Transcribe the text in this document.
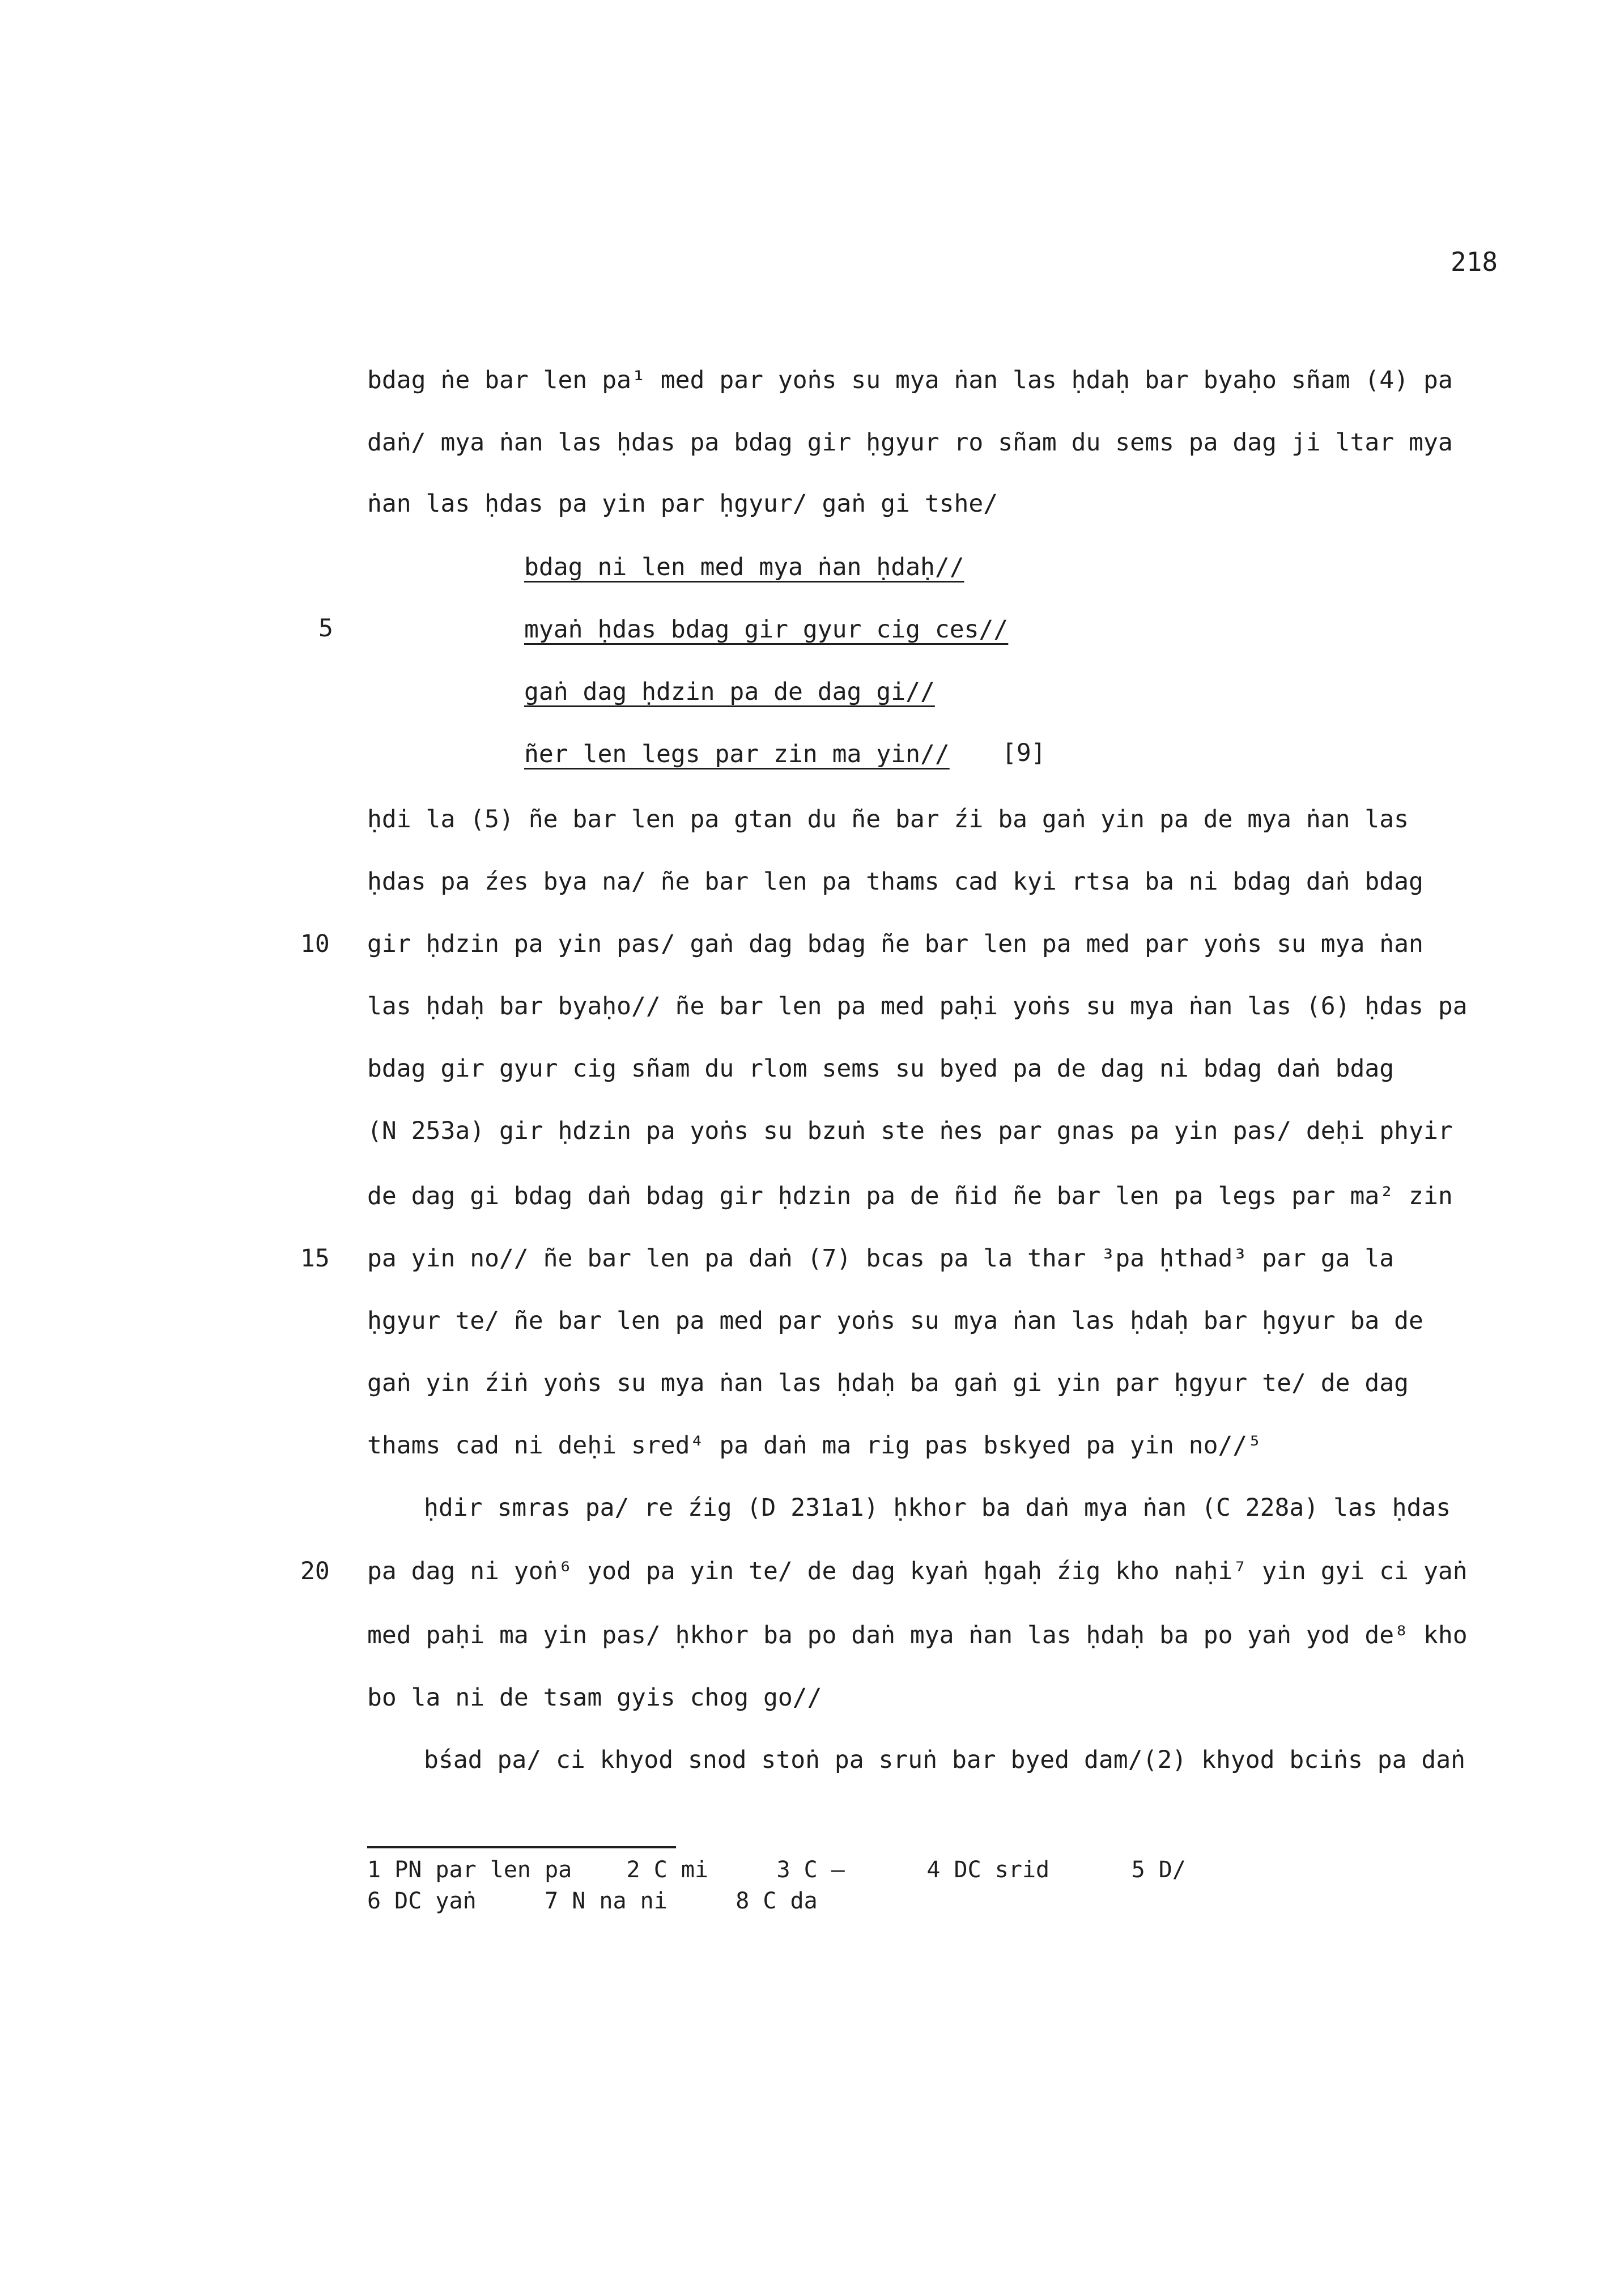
218
bdag ṅe bar len pa¹ med par yoṅs su mya ṅan las ḥdaḥ bar byaḥo sñam (4) pa
daṅ/ mya ṅan las ḥdas pa bdag gir ḥgyur ro sñam du sems pa dag ji ltar mya
ṅan las ḥdas pa yin par ḥgyur/ gaṅ gi tshe/
5
bdag ni len med mya ṅan ḥdaḥ//
myaṅ ḥdas bdag gir gyur cig ces//
gaṅ dag ḥdzin pa de dag gi//
ñer len legs par zin ma yin// [9]
ḥdi la (5) ñe bar len pa gtan du ñe bar źi ba gaṅ yin pa de mya ṅan las
ḥdas pa źes bya na/ ñe bar len pa thams cad kyi rtsa ba ni bdag daṅ bdag
10 gir ḥdzin pa yin pas/ gaṅ dag bdag ñe bar len pa med par yoṅs su mya ṅan
las ḥdaḥ bar byaḥo// ñe bar len pa med paḥi yoṅs su mya ṅan las (6) ḥdas pa
bdag gir gyur cig sñam du rlom sems su byed pa de dag ni bdag daṅ bdag
(N 253a) gir ḥdzin pa yoṅs su bzuṅ ste ṅes par gnas pa yin pas/ deḥi phyir
de dag gi bdag daṅ bdag gir ḥdzin pa de ñid ñe bar len pa legs par ma² zin
15 pa yin no// ñe bar len pa daṅ (7) bcas pa la thar ³pa ḥthad³ par ga la
ḥgyur te/ ñe bar len pa med par yoṅs su mya ṅan las ḥdaḥ bar ḥgyur ba de
gaṅ yin źiṅ yoṅs su mya ṅan las ḥdaḥ ba gaṅ gi yin par ḥgyur te/ de dag
thams cad ni deḥi sred⁴ pa daṅ ma rig pas bskyed pa yin no//⁵
ḥdir smras pa/ re źig (D 231a1) ḥkhor ba daṅ mya ṅan (C 228a) las ḥdas
20 pa dag ni yoṅ⁶ yod pa yin te/ de dag kyaṅ ḥgaḥ źig kho naḥi⁷ yin gyi ci yaṅ
med paḥi ma yin pas/ ḥkhor ba po daṅ mya ṅan las ḥdaḥ ba po yaṅ yod de⁸ kho
bo la ni de tsam gyis chog go//
bśad pa/ ci khyod snod stoṅ pa sruṅ bar byed dam/(2) khyod bciṅs pa daṅ
1 PN par len pa    2 C mi     3 C —      4 DC srid      5 D/
6 DC yaṅ     7 N na ni     8 C da
